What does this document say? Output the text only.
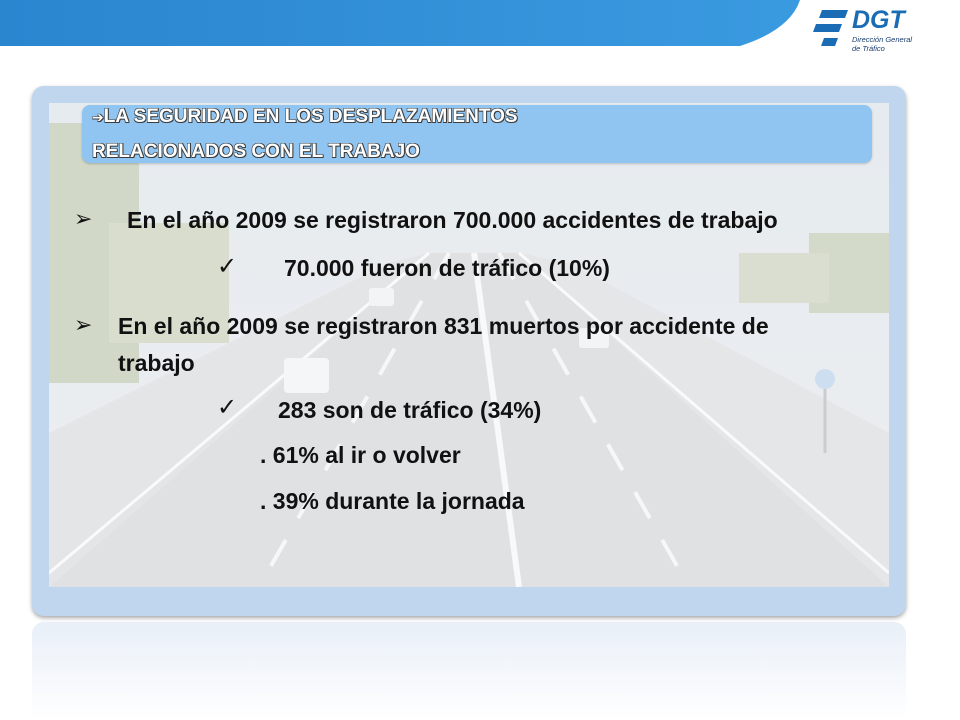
DGT
Dirección General
de Tráfico
➔LA SEGURIDAD EN LOS DESPLAZAMIENTOS
RELACIONADOS CON EL TRABAJO
➢ En el año 2009 se registraron 700.000 accidentes de trabajo
✓ 70.000 fueron de tráfico (10%)
➢ En el año 2009 se registraron 831 muertos por accidente de
trabajo
✓ 283 son de tráfico (34%)
. 61% al ir o volver
. 39% durante la jornada
